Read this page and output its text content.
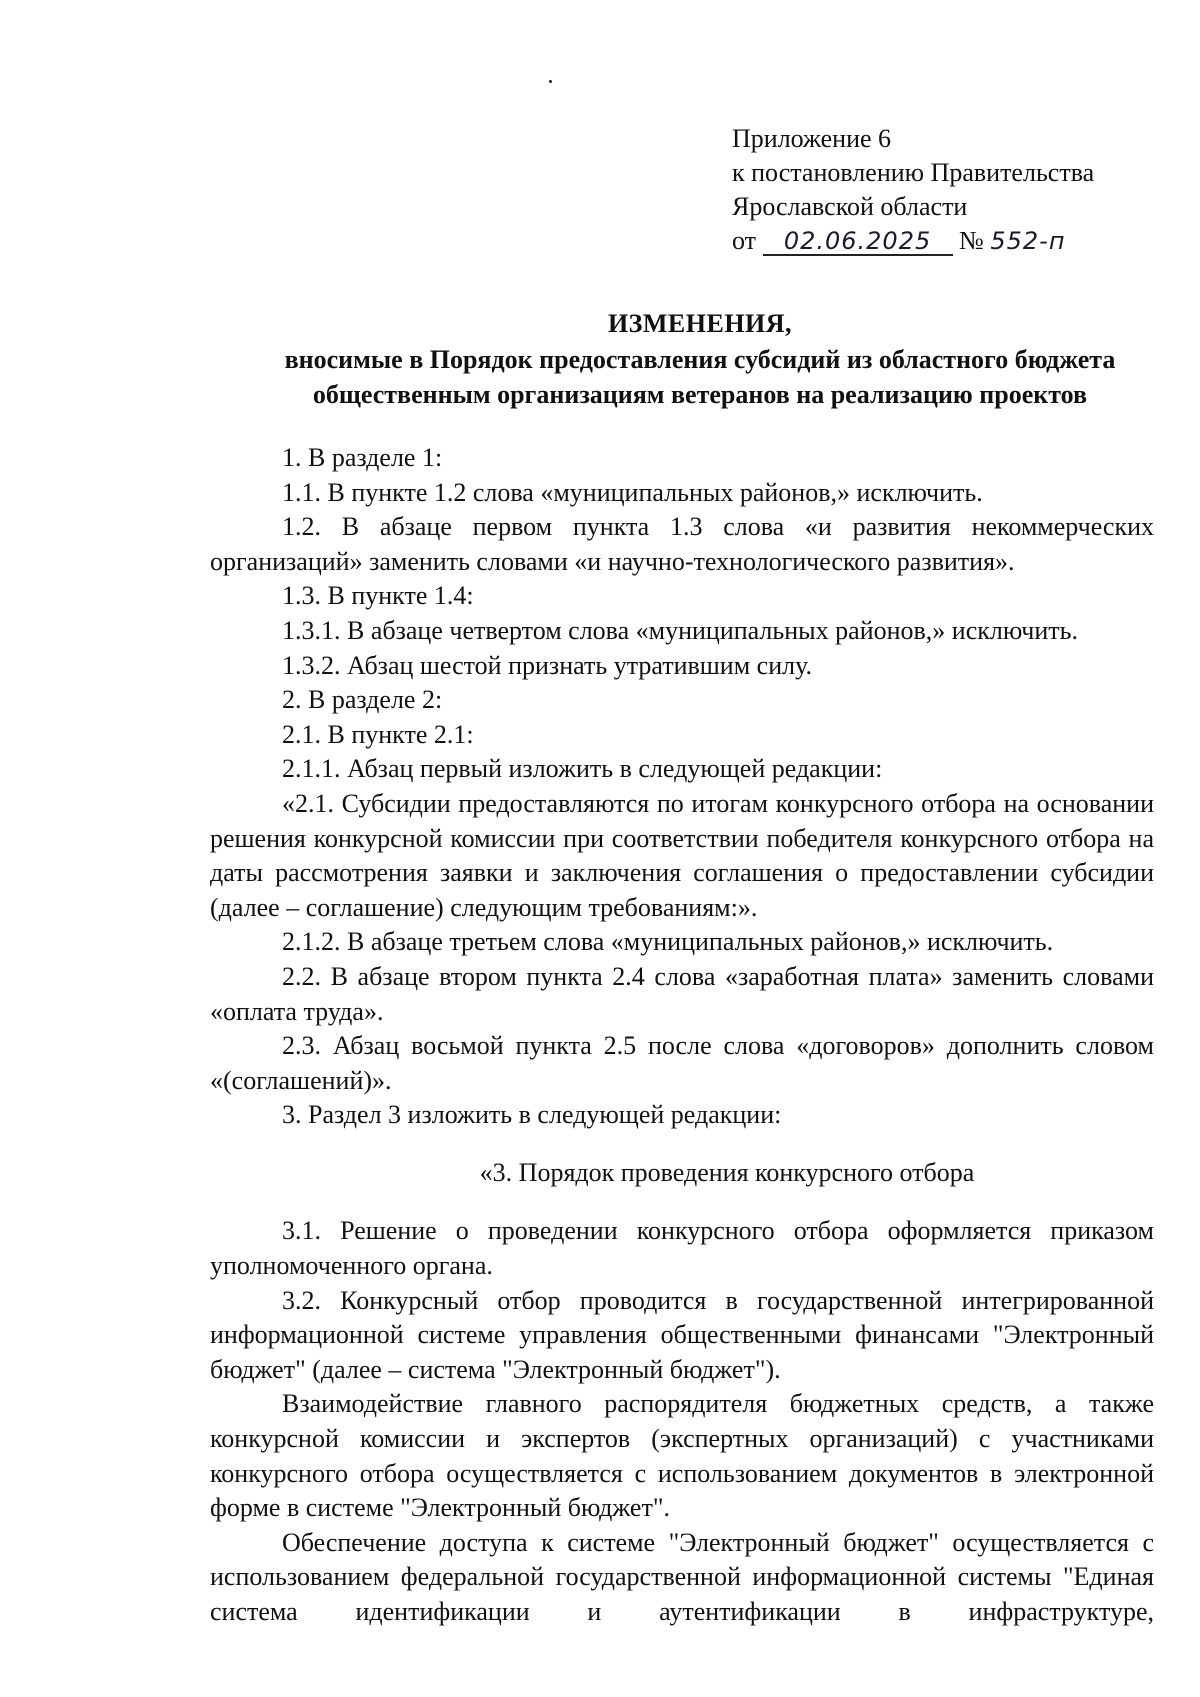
Приложение 6
к постановлению Правительства
Ярославской области
от 02.06.2025 № 552-п
ИЗМЕНЕНИЯ,
вносимые в Порядок предоставления субсидий из областного бюджета
общественным организациям ветеранов на реализацию проектов

1. В разделе 1:

1.1. В пункте 1.2 слова «муниципальных районов,» исключить.

1.2. В абзаце первом пункта 1.3 слова «и развития некоммерческих организаций» заменить словами «и научно-технологического развития».

1.3. В пункте 1.4:

1.3.1. В абзаце четвертом слова «муниципальных районов,» исключить.

1.3.2. Абзац шестой признать утратившим силу.

2. В разделе 2:

2.1. В пункте 2.1:

2.1.1. Абзац первый изложить в следующей редакции:

«2.1. Субсидии предоставляются по итогам конкурсного отбора на основании решения конкурсной комиссии при соответствии победителя конкурсного отбора на даты рассмотрения заявки и заключения соглашения о предоставлении субсидии (далее – соглашение) следующим требованиям:».

2.1.2. В абзаце третьем слова «муниципальных районов,» исключить.

2.2. В абзаце втором пункта 2.4 слова «заработная плата» заменить словами «оплата труда».

2.3. Абзац восьмой пункта 2.5 после слова «договоров» дополнить словом «(соглашений)».

3. Раздел 3 изложить в следующей редакции:

«3. Порядок проведения конкурсного отбора

3.1. Решение о проведении конкурсного отбора оформляется приказом уполномоченного органа.

3.2. Конкурсный отбор проводится в государственной интегрированной информационной системе управления общественными финансами "Электронный бюджет" (далее – система "Электронный бюджет").

Взаимодействие главного распорядителя бюджетных средств, а также конкурсной комиссии и экспертов (экспертных организаций) с участниками конкурсного отбора осуществляется с использованием документов в электронной форме в системе "Электронный бюджет".

Обеспечение доступа к системе "Электронный бюджет" осуществляется с использованием федеральной государственной информационной системы "Единая система идентификации и аутентификации в инфраструктуре,
